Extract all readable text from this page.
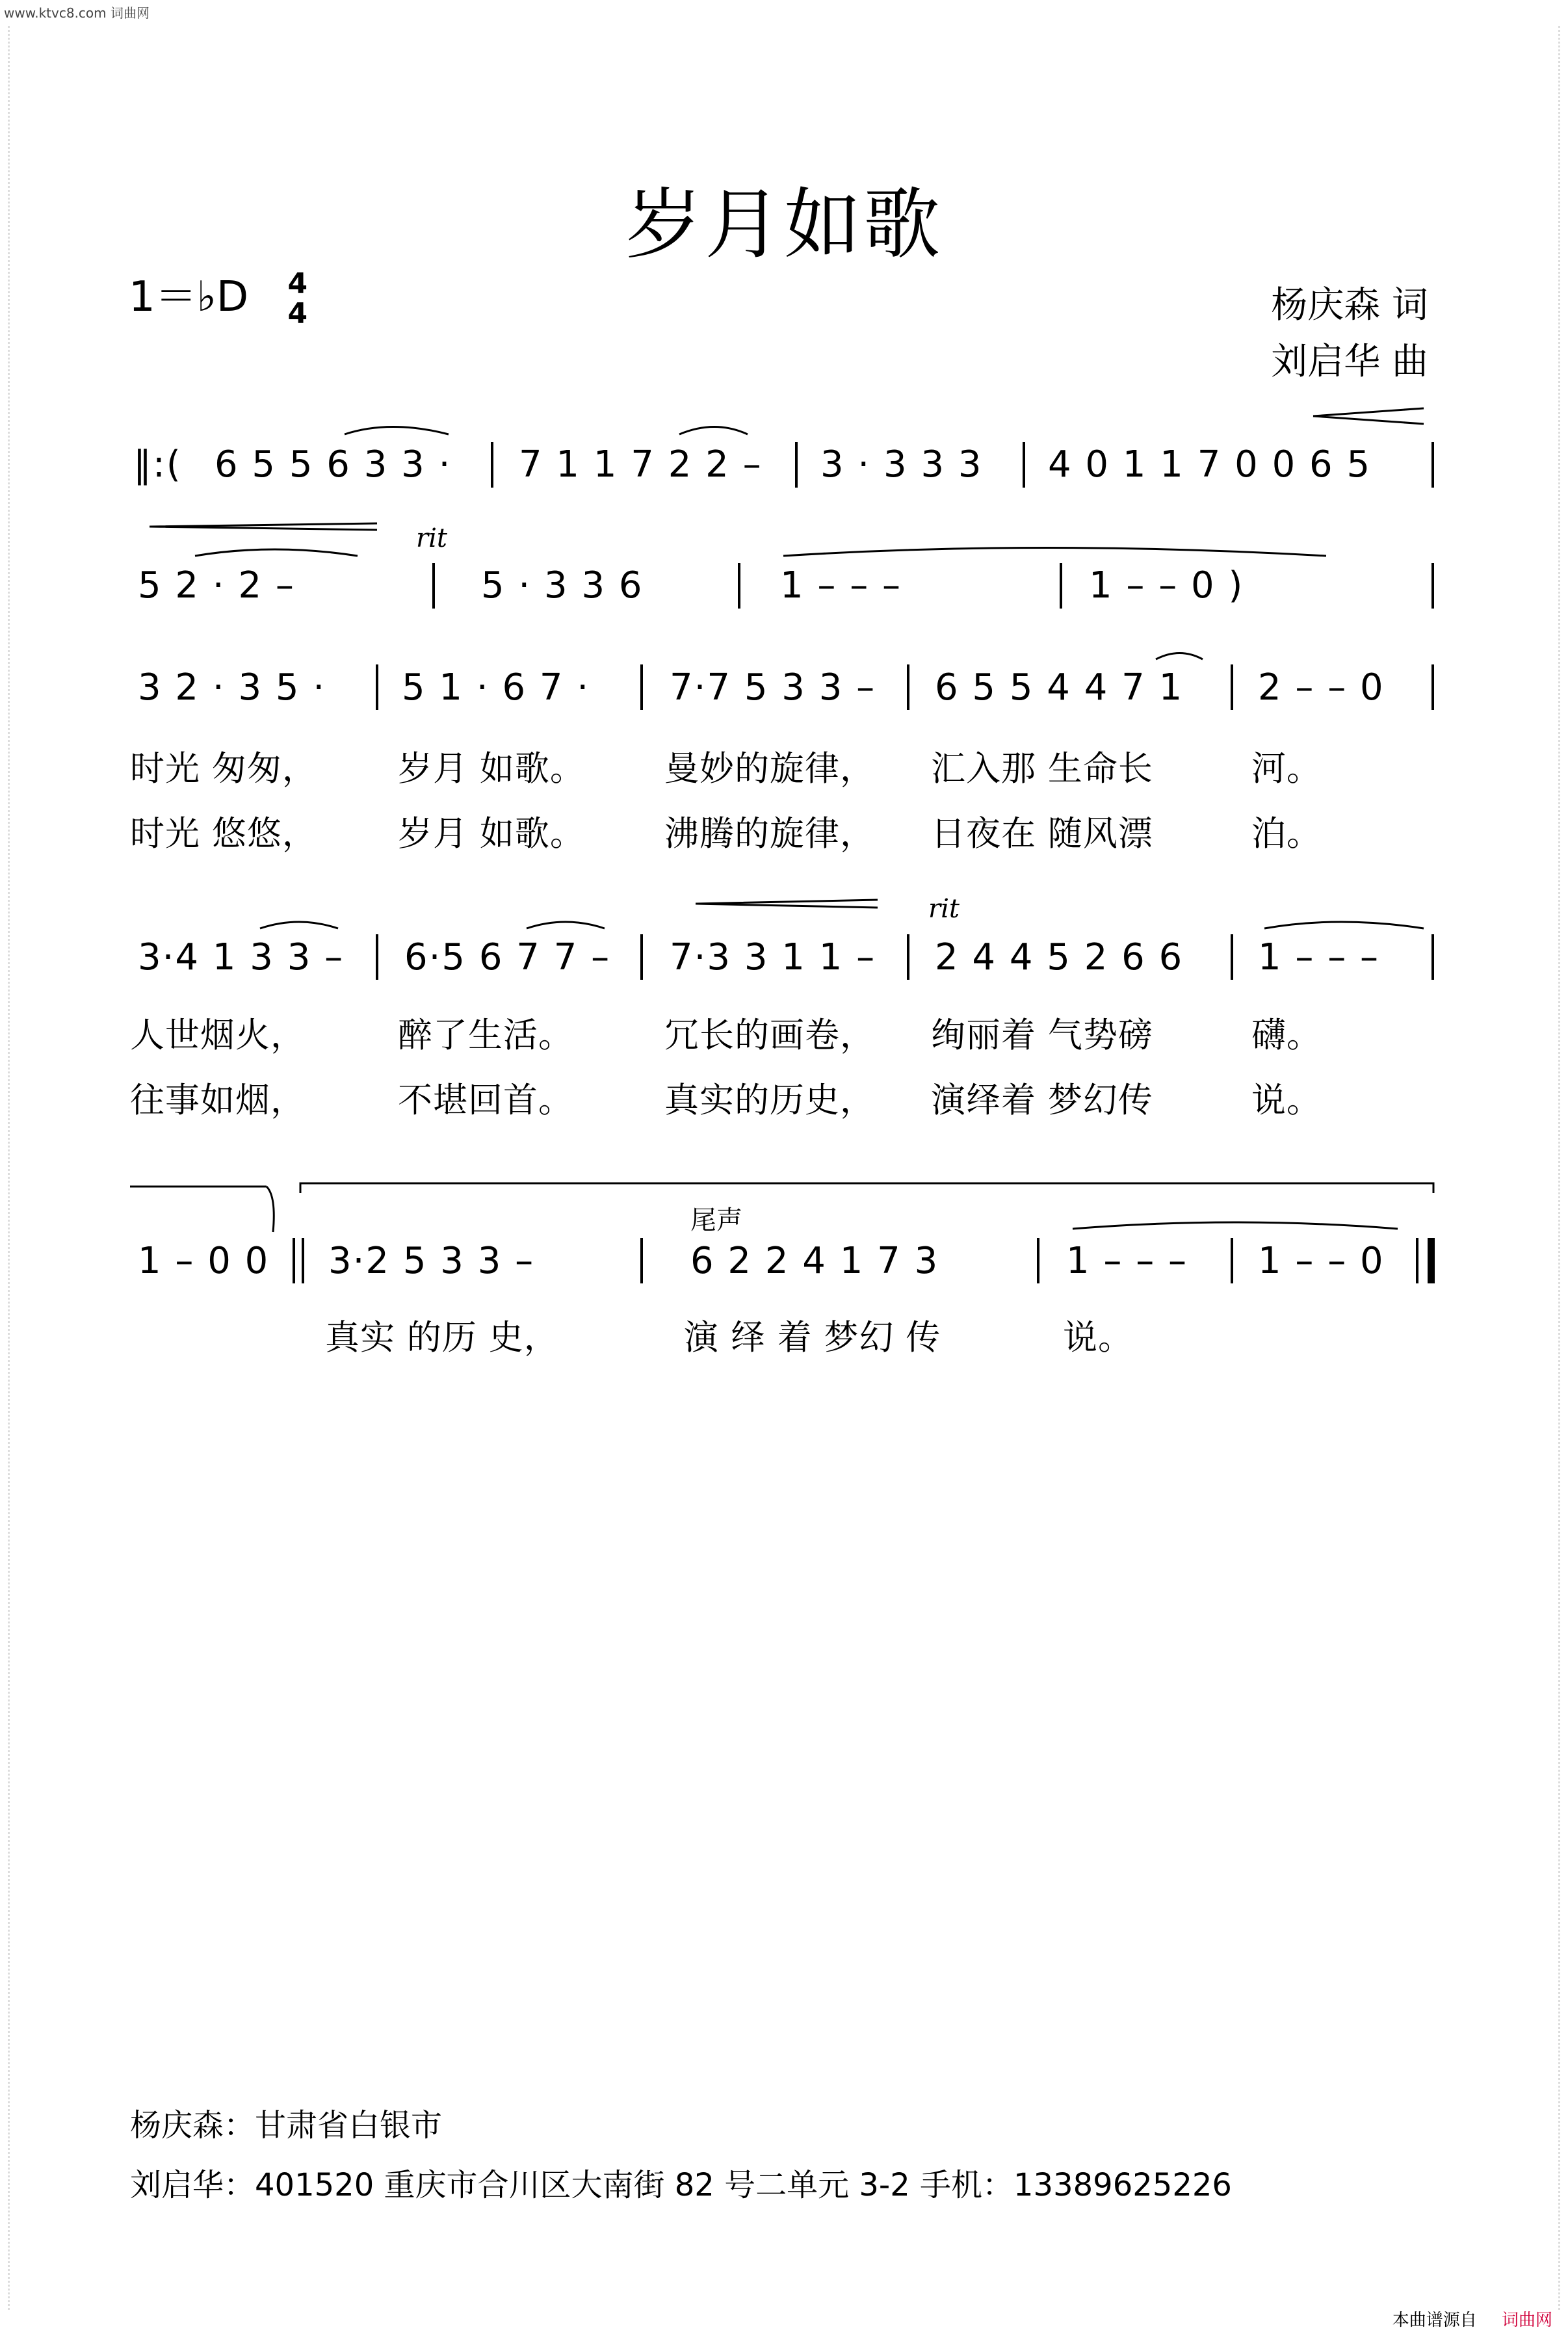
www.ktvc8.com 词曲网
岁月如歌
1＝♭D 4
4	杨庆森 词
刘启华 曲
‖:( 6 5 5 6 3 3 · 7 1 1 7 2 2 – 3 · 3 3 3 4 0 1 1 7 0 0 6 5
rit
5 2 · 2 –	5 · 3 3 6	1 – – –	1 – – 0 )
3 2 · 3 5 · 5 1 · 6 7 · 7·7 5 3 3 – 6 5 5 4 4 7 1 2 – – 0
时光 匆匆， 岁月 如歌。 曼妙的旋律， 汇入那 生命长	河。
时光 悠悠， 岁月 如歌。 沸腾的旋律， 日夜在 随风漂	泊。
rit
3·4 1 3 3 – 6·5 6 7 7 – 7·3 3 1 1 – 2 4 4 5 2 6 6 1 – – –
人世烟火，	醉了生活。	冗长的画卷， 绚丽着 气势磅	礴。
往事如烟，	不堪回首。	真实的历史， 演绎着 梦幻传	说。
尾声
1 – 0 0 3·2 5 3 3 –	6 2 2 4 1 7 3	1 – – – 1 – – 0
真实 的历 史，	演 绎 着 梦幻 传	说。
杨庆森：甘肃省白银市
刘启华：401520 重庆市合川区大南街 82 号二单元 3-2 手机：13389625226
本曲谱源自 词曲网
